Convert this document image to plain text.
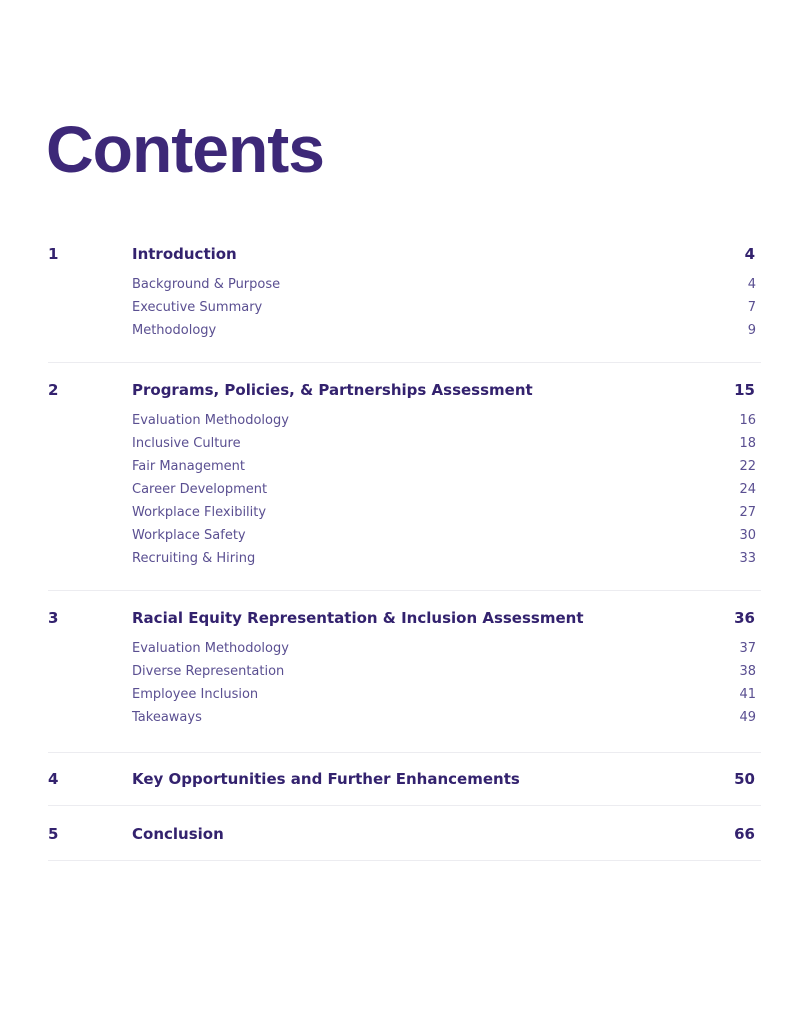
Contents
1	Introduction	4
Background & Purpose	4
Executive Summary	7
Methodology	9
2	Programs, Policies, & Partnerships Assessment	15
Evaluation Methodology	16
Inclusive Culture	18
Fair Management	22
Career Development	24
Workplace Flexibility	27
Workplace Safety	30
Recruiting & Hiring	33
3	Racial Equity Representation & Inclusion Assessment	36
Evaluation Methodology	37
Diverse Representation	38
Employee Inclusion	41
Takeaways	49
4	Key Opportunities and Further Enhancements	50
5	Conclusion	66
